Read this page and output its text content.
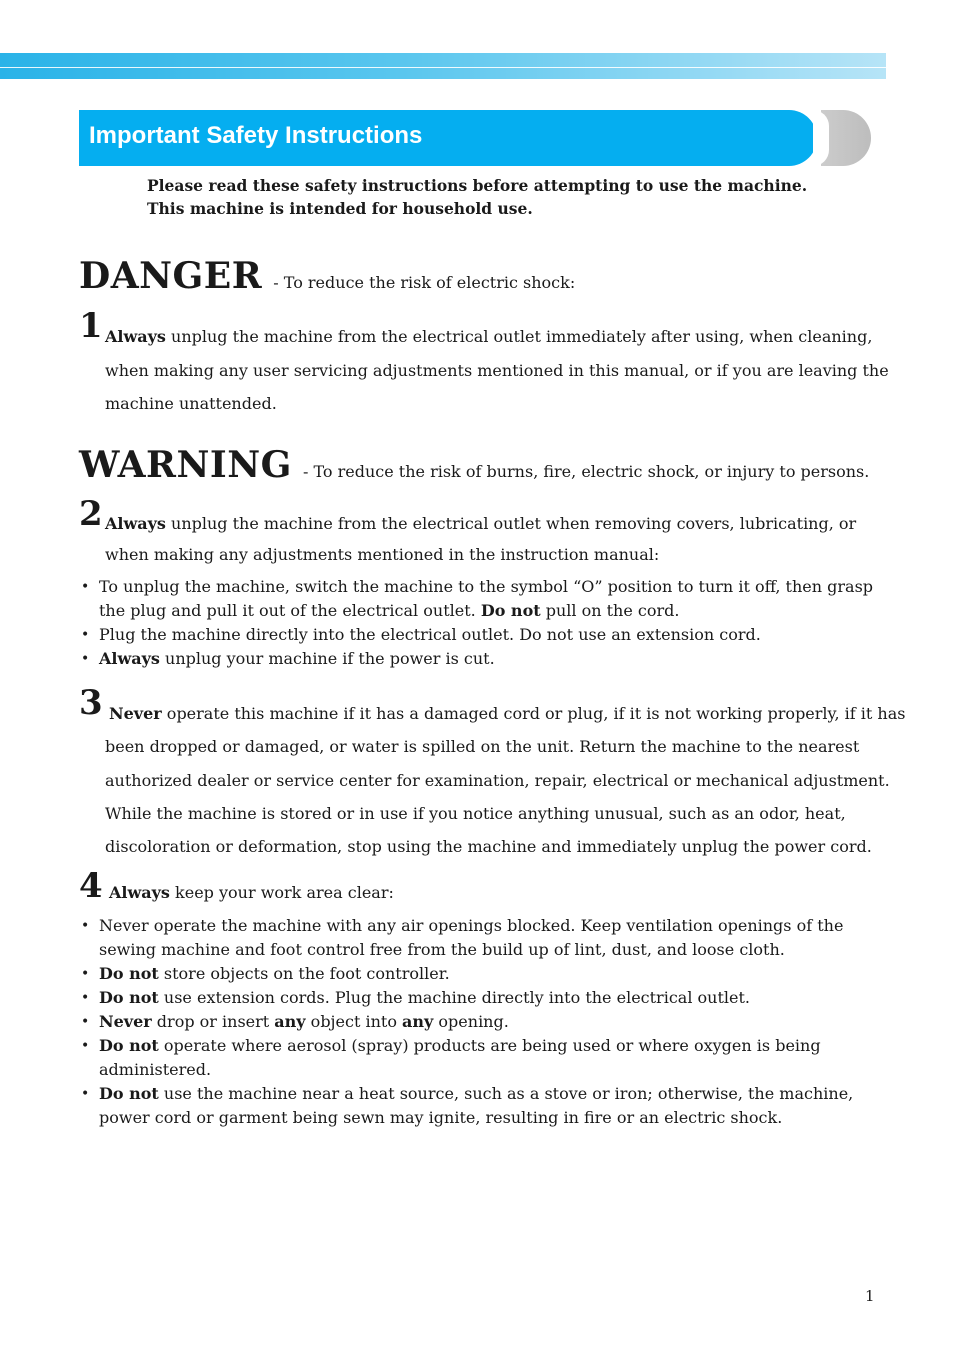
Important Safety Instructions
Please read these safety instructions before attempting to use the machine.
This machine is intended for household use.
DANGER - To reduce the risk of electric shock:
1 Always unplug the machine from the electrical outlet immediately after using, when cleaning,
when making any user servicing adjustments mentioned in this manual, or if you are leaving the
machine unattended.
WARNING - To reduce the risk of burns, fire, electric shock, or injury to persons.
2 Always unplug the machine from the electrical outlet when removing covers, lubricating, or
when making any adjustments mentioned in the instruction manual:
• To unplug the machine, switch the machine to the symbol “O” position to turn it off, then grasp
the plug and pull it out of the electrical outlet. Do not pull on the cord.
• Plug the machine directly into the electrical outlet. Do not use an extension cord.
• Always unplug your machine if the power is cut.
3 Never operate this machine if it has a damaged cord or plug, if it is not working properly, if it has
been dropped or damaged, or water is spilled on the unit. Return the machine to the nearest
authorized dealer or service center for examination, repair, electrical or mechanical adjustment.
While the machine is stored or in use if you notice anything unusual, such as an odor, heat,
discoloration or deformation, stop using the machine and immediately unplug the power cord.
4 Always keep your work area clear:
• Never operate the machine with any air openings blocked. Keep ventilation openings of the
sewing machine and foot control free from the build up of lint, dust, and loose cloth.
• Do not store objects on the foot controller.
• Do not use extension cords. Plug the machine directly into the electrical outlet.
• Never drop or insert any object into any opening.
• Do not operate where aerosol (spray) products are being used or where oxygen is being
administered.
• Do not use the machine near a heat source, such as a stove or iron; otherwise, the machine,
power cord or garment being sewn may ignite, resulting in fire or an electric shock.
1
